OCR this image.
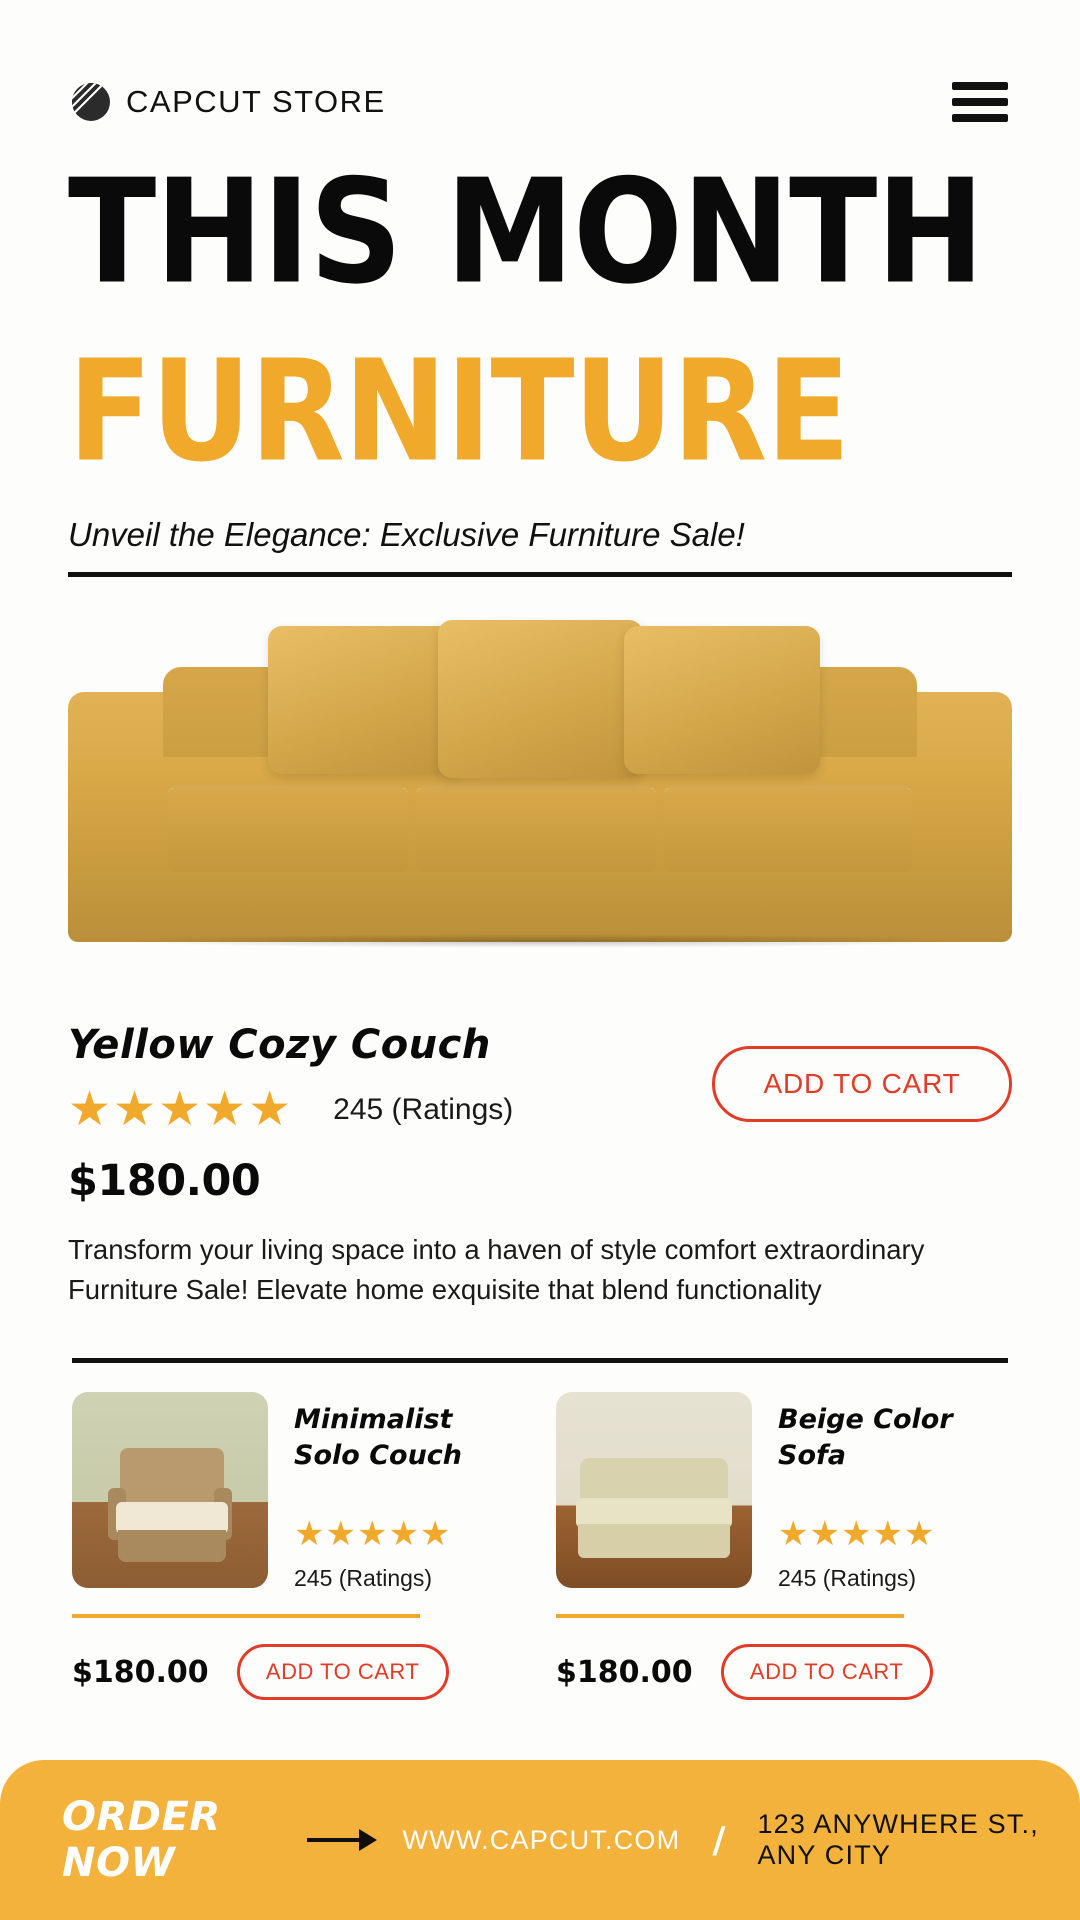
CAPCUT STORE
THIS MONTH
FURNITURE
Unveil the Elegance: Exclusive Furniture Sale!
Yellow Cozy Couch
★★★★★ 245 (Ratings)
$180.00
ADD TO CART
Transform your living space into a haven of style comfort extraordinary Furniture Sale! Elevate home exquisite that blend functionality
Minimalist Solo Couch
★★★★★
245 (Ratings)
$180.00	ADD TO CART
Beige Color Sofa
★★★★★
245 (Ratings)
$180.00	ADD TO CART
ORDER NOW
WWW.CAPCUT.COM / 123 ANYWHERE ST., ANY CITY
